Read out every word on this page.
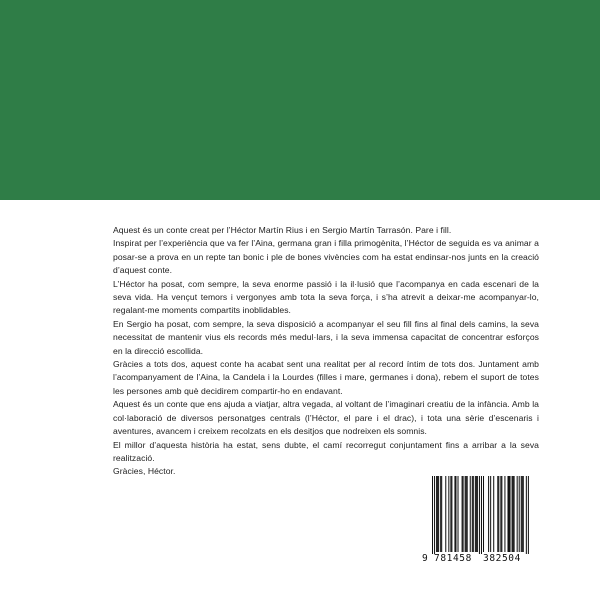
Aquest és un conte creat per l’Héctor Martín Rius i en Sergio Martín Tarrasón. Pare i fill.

Inspirat per l’experiència que va fer l’Aina, germana gran i filla primogènita, l’Héctor de seguida es va animar a posar-se a prova en un repte tan bonic i ple de bones vivències com ha estat endinsar-nos junts en la creació d’aquest conte.

L’Héctor ha posat, com sempre, la seva enorme passió i la il·lusió que l’acompanya en cada escenari de la seva vida. Ha vençut temors i vergonyes amb tota la seva força, i s’ha atrevit a deixar-me acompanyar-lo, regalant-me moments compartits inoblidables.

En Sergio ha posat, com sempre, la seva disposició a acompanyar el seu fill fins al final dels camins, la seva necessitat de mantenir vius els records més medul·lars, i la seva immensa capacitat de concentrar esforços en la direcció escollida.

Gràcies a tots dos, aquest conte ha acabat sent una realitat per al record íntim de tots dos. Juntament amb l’acompanyament de l’Aina, la Candela i la Lourdes (filles i mare, germanes i dona), rebem el suport de totes les persones amb què decidirem compartir-ho en endavant.

Aquest és un conte que ens ajuda a viatjar, altra vegada, al voltant de l’imaginari creatiu de la infància. Amb la col·laboració de diversos personatges centrals (l’Héctor, el pare i el drac), i tota una sèrie d’escenaris i aventures, avancem i creixem recolzats en els desitjos que nodreixen els somnis.

El millor d’aquesta història ha estat, sens dubte, el camí recorregut conjuntament fins a arribar a la seva realització.

Gràcies, Héctor.

9 781458 382504
